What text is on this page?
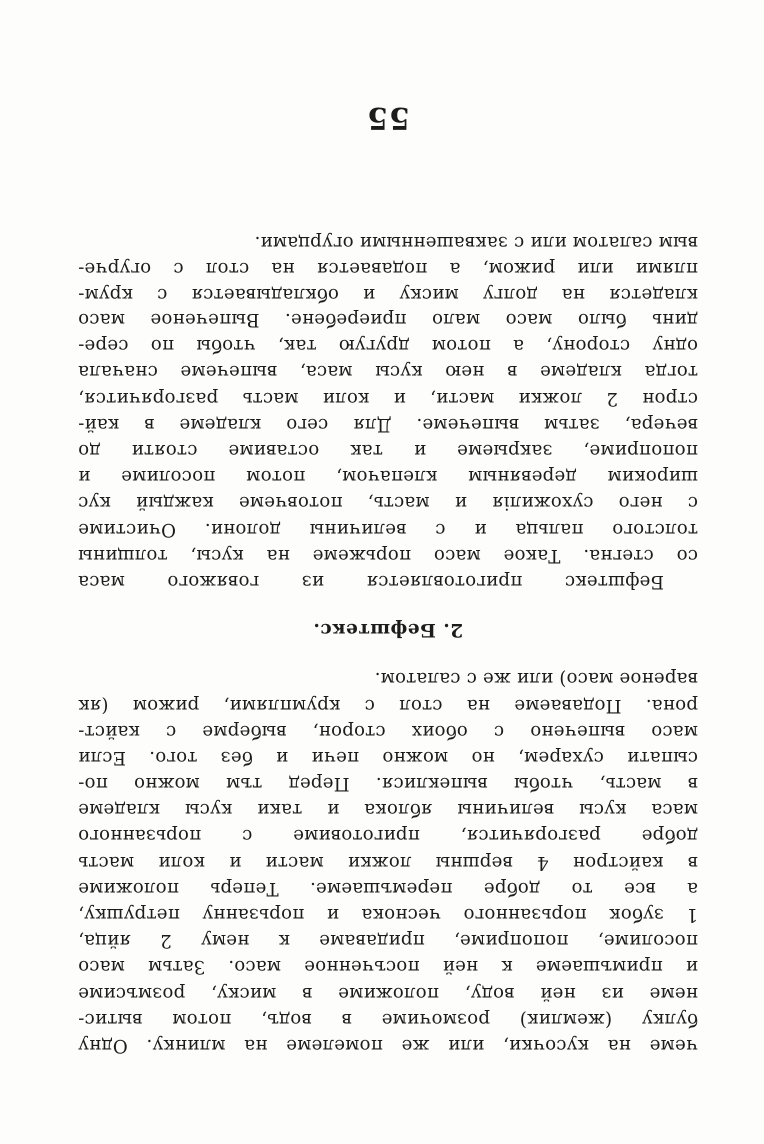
чеме на кусочки, или же помелеме на млинку. Одну
булку (жемлик) розмочиме в водъ, потом вытис-
неме из ней воду, положиме в миску, розмъсиме
и примъшаеме к ней посъченное масо. Затьм масо
посолиме, попоприме, придаваме к нему 2 яйца,
1 зубок порьзанного чеснока и порьзанну петрушку,
а все то добре перемъшаеме. Теперь положиме
в кайстрон 4 вершны ложки масти и коли масть
добре разгорячится, приготовиме с порьзанного
маса кусы величины яблока и таки кусы кладеме
в масть, чтобы выпеклися. Перед тъм можно по-
сыпати сухарем, но можно печи и без того. Если
масо выпечено с обоих сторон, выберме с кайст-
рона. Подаваеме на стол с крумплями, рижом (як
вареное масо) или же с салатом.
2. Бефштекс.
Бефштекс приготовляется из говяжого маса
со стегна. Такое масо порьжеме на кусы, толщины
толстого пальца и с величины долони. Очистиме
с него сухожилія и масть, потовчеме каждый кус
широким деревяным клепачом, потом посолиме и
попоприме, закрыеме и так оставиме стояти до
вечера, затьм выпечеме. Для сего кладеме в кай-
строн 2 ложки масти, и коли масть разгорячится,
тогда кладеме в нею кусы маса, выпечеме сначала
одну сторону, а потом другую так, чтобы по сере-
динь было масо мало приеребене. Выпеченое масо
кладется на долгу миску и обкладывается с крум-
плями или рижом, а подавается на стол с огурче-
вым салатом или с заквашенными огурцами.
55
